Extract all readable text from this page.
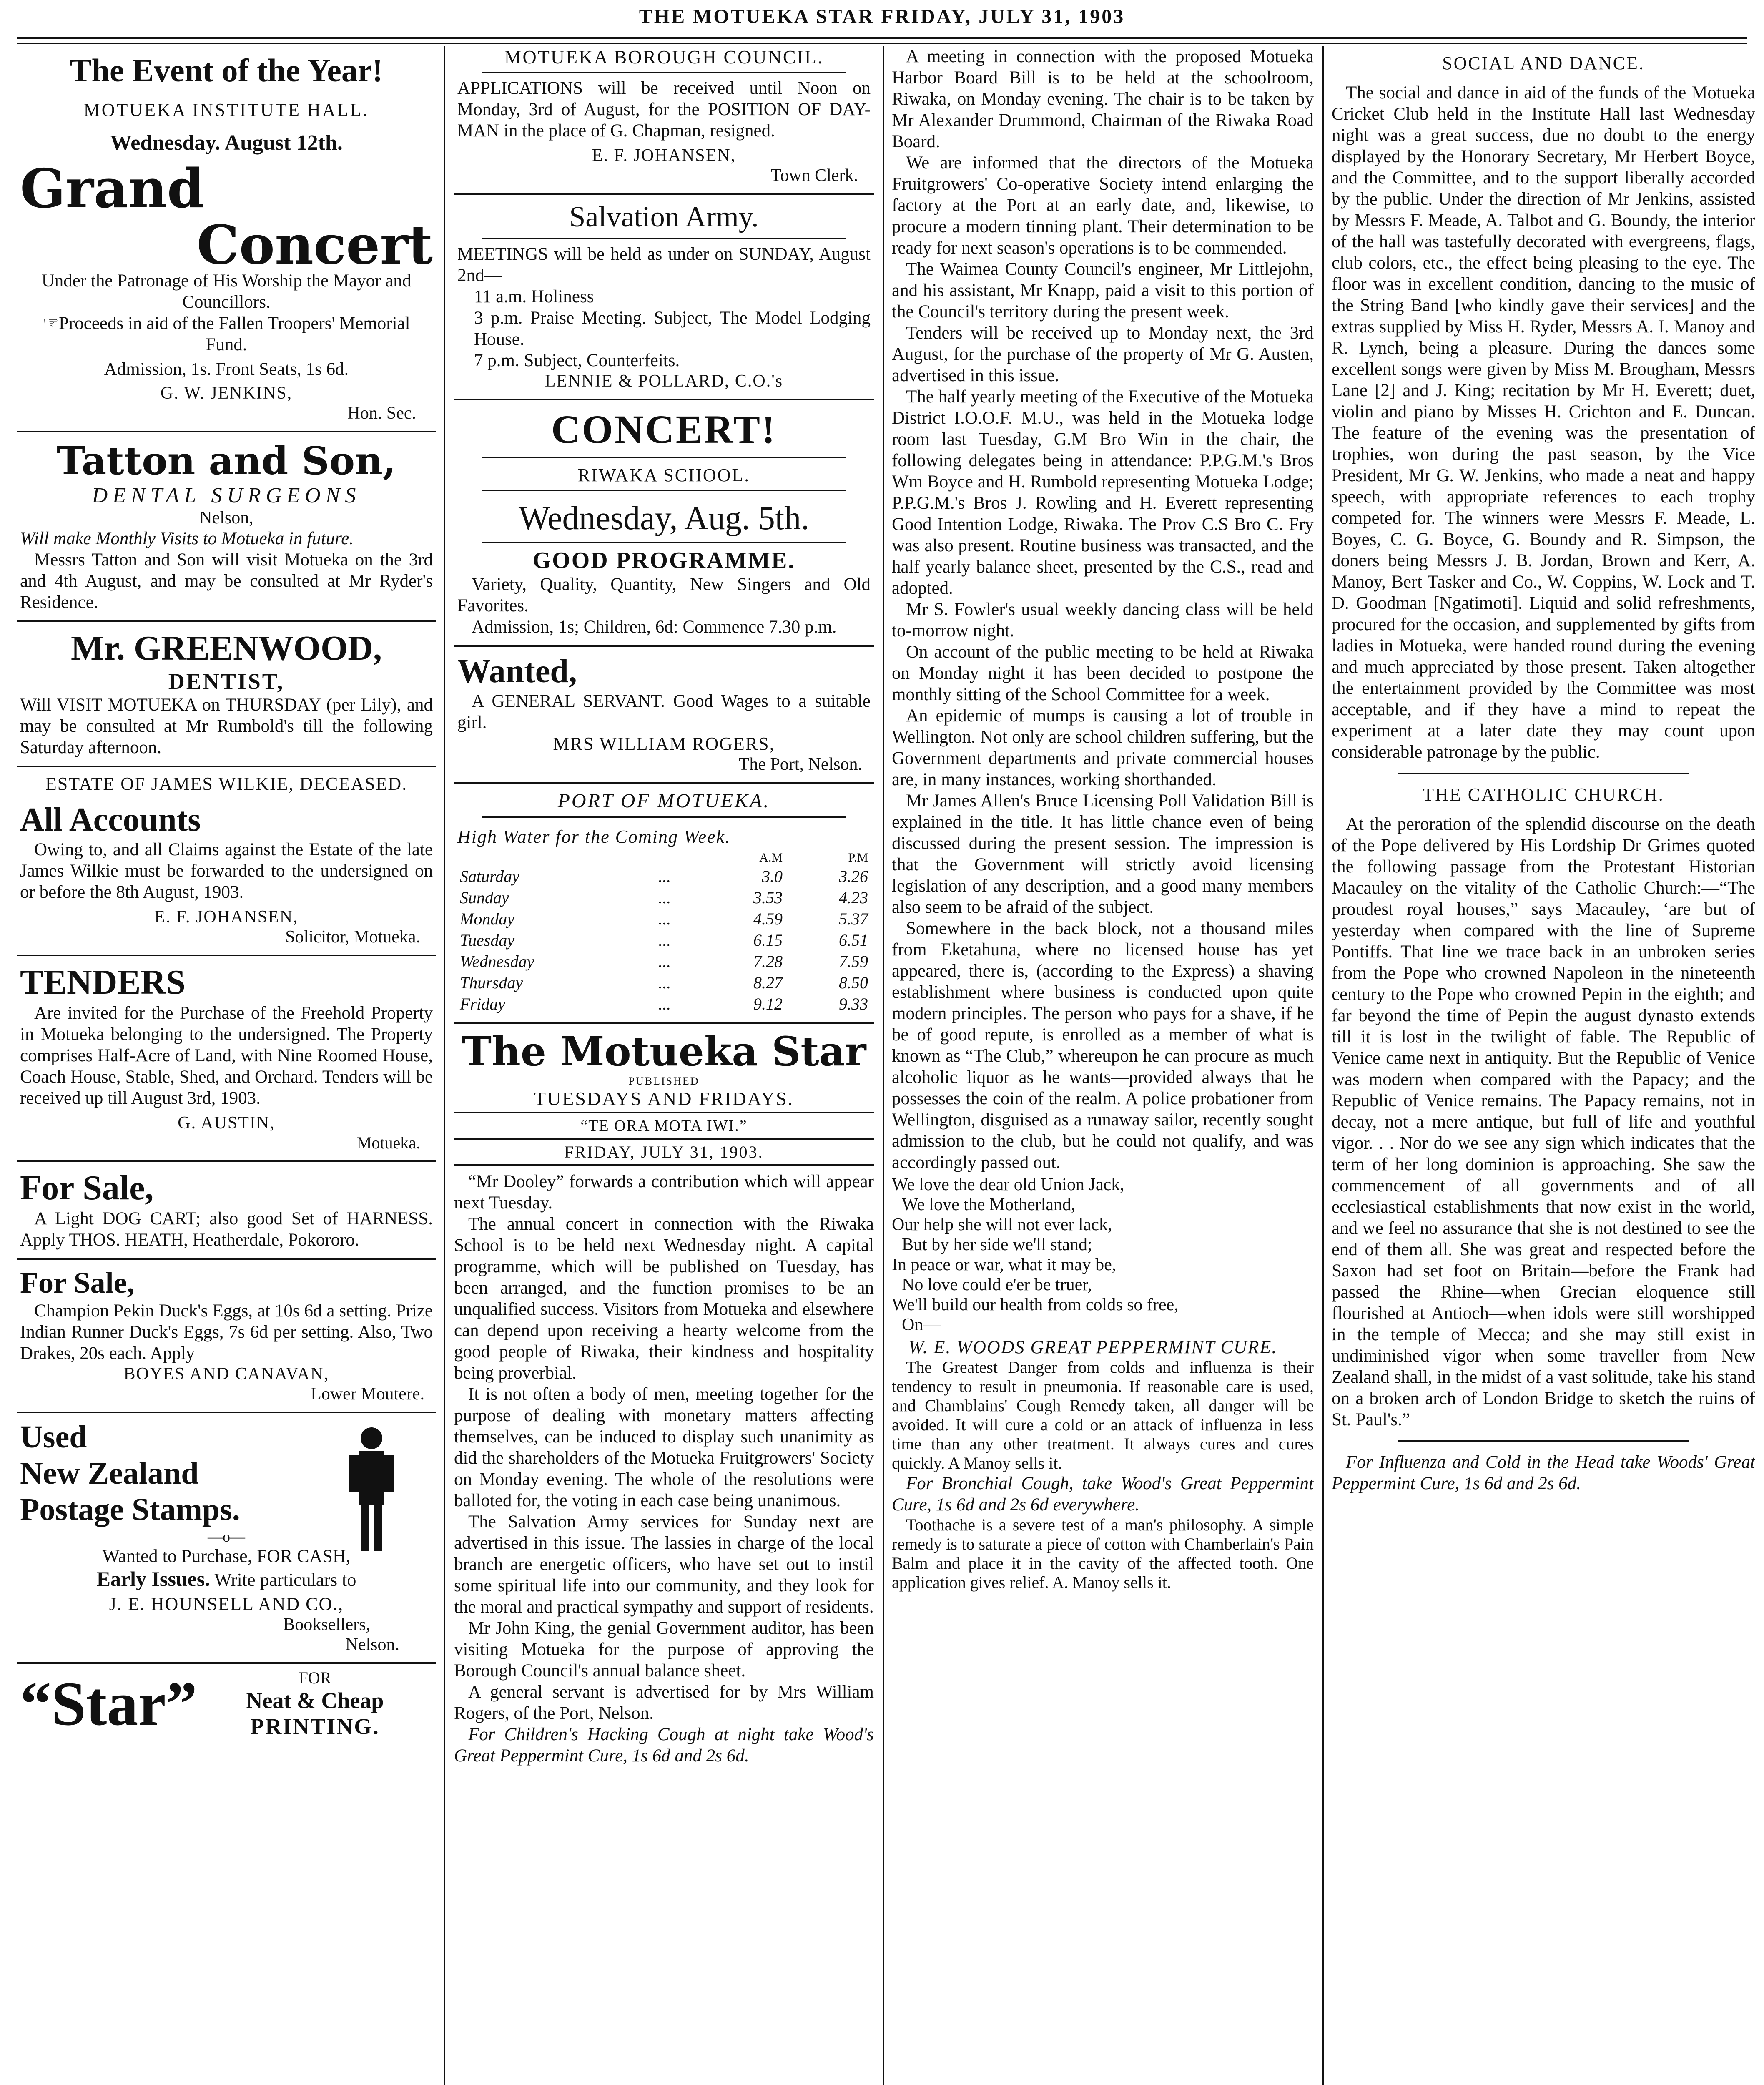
THE MOTUEKA STAR FRIDAY, JULY 31, 1903
The Event of the Year!
MOTUEKA INSTITUTE HALL.
Wednesday. August 12th.
Grand
Concert

Under the Patronage of His Worship the Mayor and Councillors.

☞Proceeds in aid of the Fallen Troopers' Memorial Fund.

Admission, 1s. Front Seats, 1s 6d.

G. W. JENKINS,
Hon. Sec.
Tatton and Son,
DENTAL SURGEONS
Nelson,

Will make Monthly Visits to Motueka in future.

Messrs Tatton and Son will visit Motueka on the 3rd and 4th August, and may be consulted at Mr Ryder's Residence.

Mr. GREENWOOD,
DENTIST,

Will VISIT MOTUEKA on THURSDAY (per Lily), and may be consulted at Mr Rumbold's till the following Saturday afternoon.

ESTATE OF JAMES WILKIE, DECEASED.
All Accounts

Owing to, and all Claims against the Estate of the late James Wilkie must be forwarded to the undersigned on or before the 8th August, 1903.

E. F. JOHANSEN,
Solicitor, Motueka.
TENDERS

Are invited for the Purchase of the Freehold Property in Motueka belonging to the undersigned. The Property comprises Half-Acre of Land, with Nine Roomed House, Coach House, Stable, Shed, and Orchard. Tenders will be received up till August 3rd, 1903.

G. AUSTIN,
Motueka.
For Sale,

A Light DOG CART; also good Set of HARNESS. Apply THOS. HEATH, Heatherdale, Pokororo.

For Sale,

Champion Pekin Duck's Eggs, at 10s 6d a setting. Prize Indian Runner Duck's Eggs, 7s 6d per setting. Also, Two Drakes, 20s each. Apply

BOYES AND CANAVAN,
Lower Moutere.
Used
New Zealand
Postage Stamps.
—o—
Wanted to Purchase, FOR CASH,
Early Issues. Write particulars to
J. E. HOUNSELL AND CO.,
Booksellers,
Nelson.
“Star”	FOR
Neat & Cheap
PRINTING.
MOTUEKA BOROUGH COUNCIL.

APPLICATIONS will be received until Noon on Monday, 3rd of August, for the POSITION OF DAY-MAN in the place of G. Chapman, resigned.

E. F. JOHANSEN,
Town Clerk.
Salvation Army.

MEETINGS will be held as under on SUNDAY, August 2nd—

11 a.m. Holiness

3 p.m. Praise Meeting. Subject, The Model Lodging House.

7 p.m. Subject, Counterfeits.

LENNIE & POLLARD, C.O.'s
CONCERT!
RIWAKA SCHOOL.
Wednesday, Aug. 5th.
GOOD PROGRAMME.

Variety, Quality, Quantity, New Singers and Old Favorites.

Admission, 1s; Children, 6d: Commence 7.30 p.m.

Wanted,

A GENERAL SERVANT. Good Wages to a suitable girl.

MRS WILLIAM ROGERS,
The Port, Nelson.
PORT OF MOTUEKA.
High Water for the Coming Week.
		A.M	P.M
Saturday	...	3.0	3.26
Sunday	...	3.53	4.23
Monday	...	4.59	5.37
Tuesday	...	6.15	6.51
Wednesday	...	7.28	7.59
Thursday	...	8.27	8.50
Friday	...	9.12	9.33
The Motueka Star
PUBLISHED
TUESDAYS AND FRIDAYS.
“TE ORA MOTA IWI.”
FRIDAY, JULY 31, 1903.

“Mr Dooley” forwards a contribution which will appear next Tuesday.

The annual concert in connection with the Riwaka School is to be held next Wednesday night. A capital programme, which will be published on Tuesday, has been arranged, and the function promises to be an unqualified success. Visitors from Motueka and elsewhere can depend upon receiving a hearty welcome from the good people of Riwaka, their kindness and hospitality being proverbial.

It is not often a body of men, meeting together for the purpose of dealing with monetary matters affecting themselves, can be induced to display such unanimity as did the shareholders of the Motueka Fruitgrowers' Society on Monday evening. The whole of the resolutions were balloted for, the voting in each case being unanimous.

The Salvation Army services for Sunday next are advertised in this issue. The lassies in charge of the local branch are energetic officers, who have set out to instil some spiritual life into our community, and they look for the moral and practical sympathy and support of residents.

Mr John King, the genial Government auditor, has been visiting Motueka for the purpose of approving the Borough Council's annual balance sheet.

A general servant is advertised for by Mrs William Rogers, of the Port, Nelson.

For Children's Hacking Cough at night take Wood's Great Peppermint Cure, 1s 6d and 2s 6d.

A meeting in connection with the proposed Motueka Harbor Board Bill is to be held at the schoolroom, Riwaka, on Monday evening. The chair is to be taken by Mr Alexander Drummond, Chairman of the Riwaka Road Board.

We are informed that the directors of the Motueka Fruitgrowers' Co-operative Society intend enlarging the factory at the Port at an early date, and, likewise, to procure a modern tinning plant. Their determination to be ready for next season's operations is to be commended.

The Waimea County Council's engineer, Mr Littlejohn, and his assistant, Mr Knapp, paid a visit to this portion of the Council's territory during the present week.

Tenders will be received up to Monday next, the 3rd August, for the purchase of the property of Mr G. Austen, advertised in this issue.

The half yearly meeting of the Executive of the Motueka District I.O.O.F. M.U., was held in the Motueka lodge room last Tuesday, G.M Bro Win in the chair, the following delegates being in attendance: P.P.G.M.'s Bros Wm Boyce and H. Rumbold representing Motueka Lodge; P.P.G.M.'s Bros J. Rowling and H. Everett representing Good Intention Lodge, Riwaka. The Prov C.S Bro C. Fry was also present. Routine business was transacted, and the half yearly balance sheet, presented by the C.S., read and adopted.

Mr S. Fowler's usual weekly dancing class will be held to-morrow night.

On account of the public meeting to be held at Riwaka on Monday night it has been decided to postpone the monthly sitting of the School Committee for a week.

An epidemic of mumps is causing a lot of trouble in Wellington. Not only are school children suffering, but the Government departments and private commercial houses are, in many instances, working shorthanded.

Mr James Allen's Bruce Licensing Poll Validation Bill is explained in the title. It has little chance even of being discussed during the present session. The impression is that the Government will strictly avoid licensing legislation of any description, and a good many members also seem to be afraid of the subject.

Somewhere in the back block, not a thousand miles from Eketahuna, where no licensed house has yet appeared, there is, (according to the Express) a shaving establishment where business is conducted upon quite modern principles. The person who pays for a shave, if he be of good repute, is enrolled as a member of what is known as “The Club,” whereupon he can procure as much alcoholic liquor as he wants—provided always that he possesses the coin of the realm. A police probationer from Wellington, disguised as a runaway sailor, recently sought admission to the club, but he could not qualify, and was accordingly passed out.

We love the dear old Union Jack,

We love the Motherland,

Our help she will not ever lack,

But by her side we'll stand;

In peace or war, what it may be,

No love could e'er be truer,

We'll build our health from colds so free,

On—

W. E. WOODS GREAT PEPPERMINT CURE.

The Greatest Danger from colds and influenza is their tendency to result in pneumonia. If reasonable care is used, and Chamblains' Cough Remedy taken, all danger will be avoided. It will cure a cold or an attack of influenza in less time than any other treatment. It always cures and cures quickly. A Manoy sells it.

For Bronchial Cough, take Wood's Great Peppermint Cure, 1s 6d and 2s 6d everywhere.

Toothache is a severe test of a man's philosophy. A simple remedy is to saturate a piece of cotton with Chamberlain's Pain Balm and place it in the cavity of the affected tooth. One application gives relief. A. Manoy sells it.

SOCIAL AND DANCE.

The social and dance in aid of the funds of the Motueka Cricket Club held in the Institute Hall last Wednesday night was a great success, due no doubt to the energy displayed by the Honorary Secretary, Mr Herbert Boyce, and the Committee, and to the support liberally accorded by the public. Under the direction of Mr Jenkins, assisted by Messrs F. Meade, A. Talbot and G. Boundy, the interior of the hall was tastefully decorated with evergreens, flags, club colors, etc., the effect being pleasing to the eye. The floor was in excellent condition, dancing to the music of the String Band [who kindly gave their services] and the extras supplied by Miss H. Ryder, Messrs A. I. Manoy and R. Lynch, being a pleasure. During the dances some excellent songs were given by Miss M. Brougham, Messrs Lane [2] and J. King; recitation by Mr H. Everett; duet, violin and piano by Misses H. Crichton and E. Duncan. The feature of the evening was the presentation of trophies, won during the past season, by the Vice President, Mr G. W. Jenkins, who made a neat and happy speech, with appropriate references to each trophy competed for. The winners were Messrs F. Meade, L. Boyes, C. G. Boyce, G. Boundy and R. Simpson, the doners being Messrs J. B. Jordan, Brown and Kerr, A. Manoy, Bert Tasker and Co., W. Coppins, W. Lock and T. D. Goodman [Ngatimoti]. Liquid and solid refreshments, procured for the occasion, and supplemented by gifts from ladies in Motueka, were handed round during the evening and much appreciated by those present. Taken altogether the entertainment provided by the Committee was most acceptable, and if they have a mind to repeat the experiment at a later date they may count upon considerable patronage by the public.

THE CATHOLIC CHURCH.

At the peroration of the splendid discourse on the death of the Pope delivered by His Lordship Dr Grimes quoted the following passage from the Protestant Historian Macauley on the vitality of the Catholic Church:—“The proudest royal houses,” says Macauley, ‘are but of yesterday when compared with the line of Supreme Pontiffs. That line we trace back in an unbroken series from the Pope who crowned Napoleon in the nineteenth century to the Pope who crowned Pepin in the eighth; and far beyond the time of Pepin the august dynasto extends till it is lost in the twilight of fable. The Republic of Venice came next in antiquity. But the Republic of Venice was modern when compared with the Papacy; and the Republic of Venice remains. The Papacy remains, not in decay, not a mere antique, but full of life and youthful vigor. . . Nor do we see any sign which indicates that the term of her long dominion is approaching. She saw the commencement of all governments and of all ecclesiastical establishments that now exist in the world, and we feel no assurance that she is not destined to see the end of them all. She was great and respected before the Saxon had set foot on Britain—before the Frank had passed the Rhine—when Grecian eloquence still flourished at Antioch—when idols were still worshipped in the temple of Mecca; and she may still exist in undiminished vigor when some traveller from New Zealand shall, in the midst of a vast solitude, take his stand on a broken arch of London Bridge to sketch the ruins of St. Paul's.”

For Influenza and Cold in the Head take Woods' Great Peppermint Cure, 1s 6d and 2s 6d.
